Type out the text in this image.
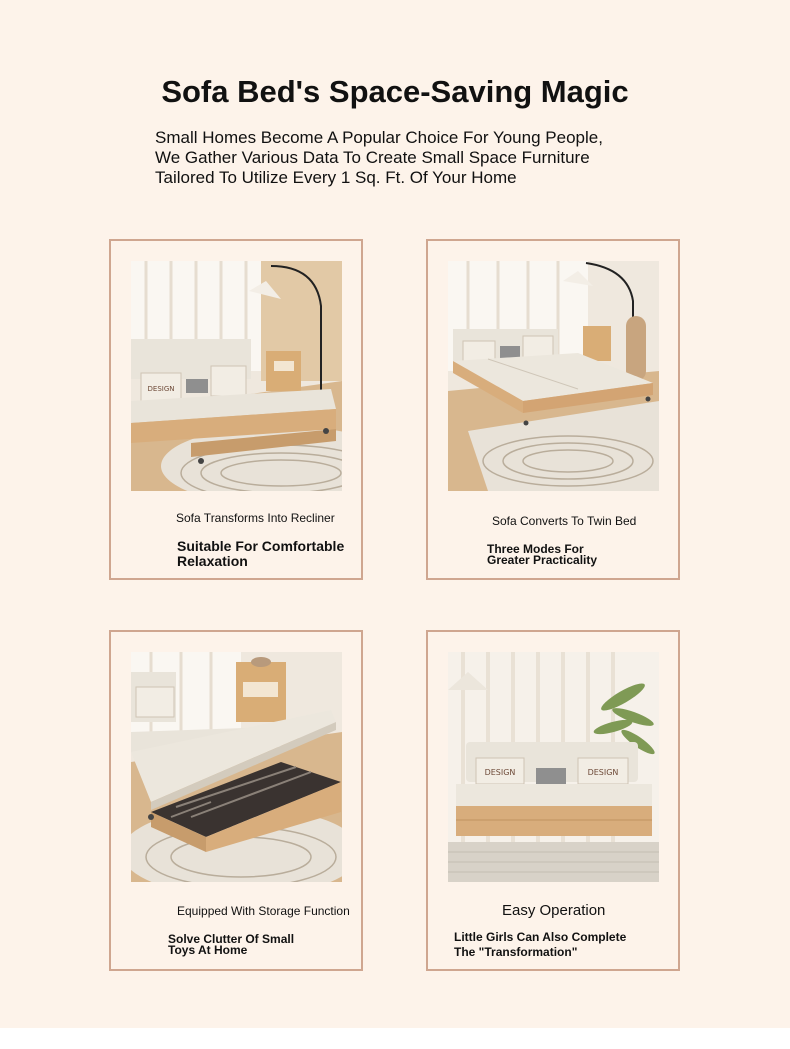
Sofa Bed's Space-Saving Magic
Small Homes Become A Popular Choice For Young People,
We Gather Various Data To Create Small Space Furniture
Tailored To Utilize Every 1 Sq. Ft. Of Your Home
DESIGN
Sofa Transforms Into Recliner
Suitable For Comfortable
Relaxation
Sofa Converts To Twin Bed
Three Modes For
Greater Practicality
Equipped With Storage Function
Solve Clutter Of Small
Toys At Home
DESIGN	DESIGN
Easy Operation
Little Girls Can Also Complete
The "Transformation"
